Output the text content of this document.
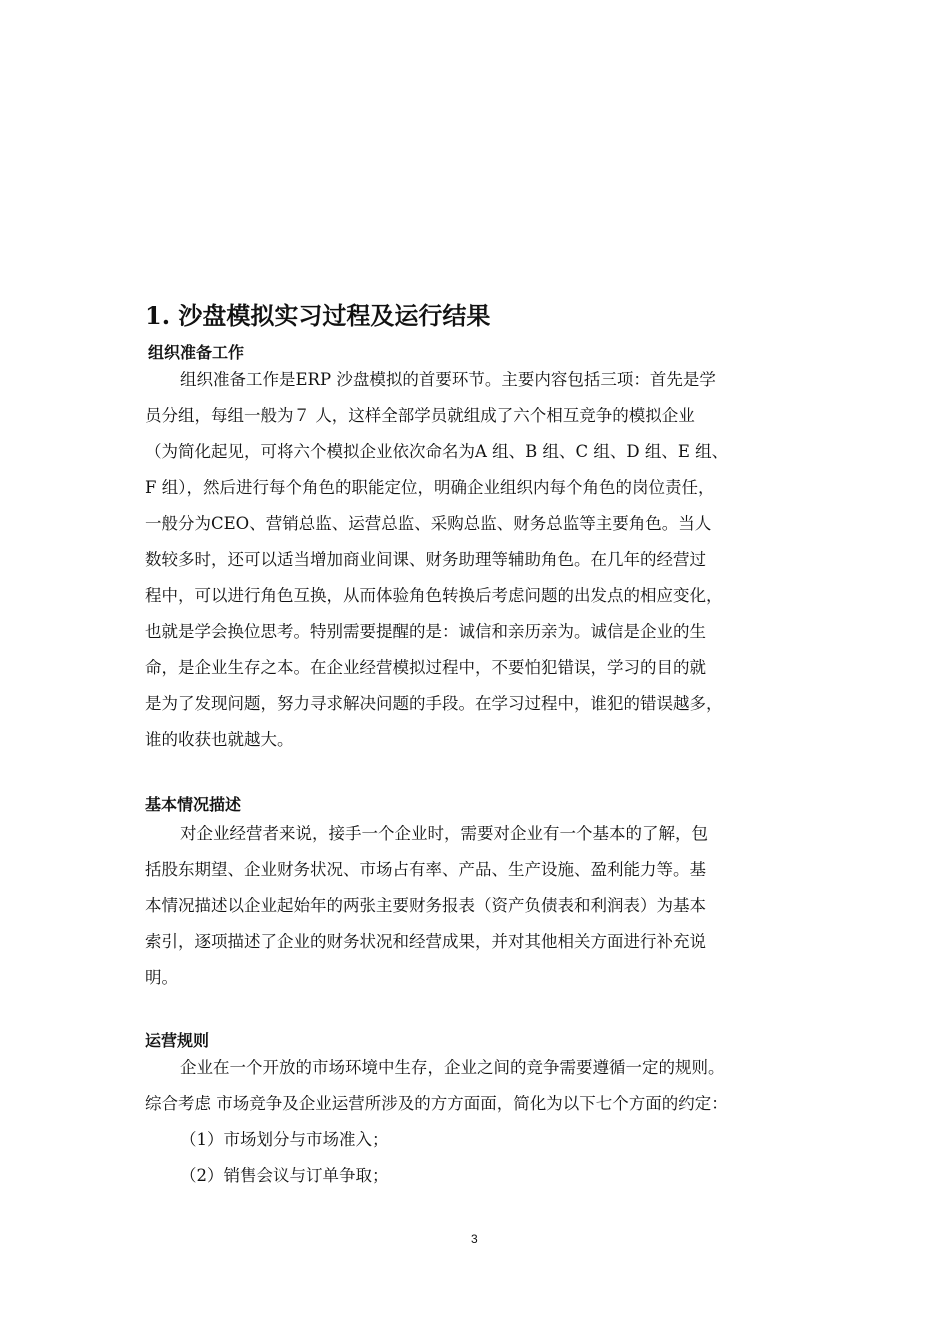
1. 沙盘模拟实习过程及运行结果
组织准备工作

组织准备工作是ERP 沙盘模拟的首要环节。主要内容包括三项：首先是学

员分组，每组一般为７ 人，这样全部学员就组成了六个相互竞争的模拟企业

（为简化起见，可将六个模拟企业依次命名为A 组、B 组、C 组、D 组、E 组、

F 组），然后进行每个角色的职能定位，明确企业组织内每个角色的岗位责任，

一般分为CEO、营销总监、运营总监、采购总监、财务总监等主要角色。当人

数较多时，还可以适当增加商业间课、财务助理等辅助角色。在几年的经营过

程中，可以进行角色互换，从而体验角色转换后考虑问题的出发点的相应变化，

也就是学会换位思考。特别需要提醒的是：诚信和亲历亲为。诚信是企业的生

命，是企业生存之本。在企业经营模拟过程中，不要怕犯错误，学习的目的就

是为了发现问题，努力寻求解决问题的手段。在学习过程中，谁犯的错误越多，

谁的收获也就越大。

基本情况描述

对企业经营者来说，接手一个企业时，需要对企业有一个基本的了解，包

括股东期望、企业财务状况、市场占有率、产品、生产设施、盈利能力等。基

本情况描述以企业起始年的两张主要财务报表（资产负债表和利润表）为基本

索引，逐项描述了企业的财务状况和经营成果，并对其他相关方面进行补充说

明。

运营规则

企业在一个开放的市场环境中生存，企业之间的竞争需要遵循一定的规则。

综合考虑 市场竞争及企业运营所涉及的方方面面，简化为以下七个方面的约定：

（1）市场划分与市场准入；

（2）销售会议与订单争取；

3
